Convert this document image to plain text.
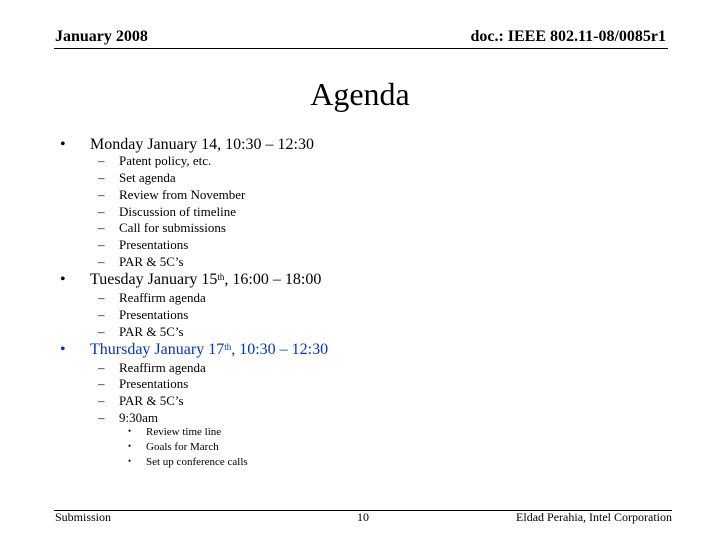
January 2008	doc.: IEEE 802.11-08/0085r1
Agenda
• Monday January 14, 10:30 – 12:30
– Patent policy, etc.
– Set agenda
– Review from November
– Discussion of timeline
– Call for submissions
– Presentations
– PAR & 5C’s
• Tuesday January 15th, 16:00 – 18:00
– Reaffirm agenda
– Presentations
– PAR & 5C’s
• Thursday January 17th, 10:30 – 12:30
– Reaffirm agenda
– Presentations
– PAR & 5C’s
– 9:30am
• Review time line
• Goals for March
• Set up conference calls
Submission	10	Eldad Perahia, Intel Corporation
